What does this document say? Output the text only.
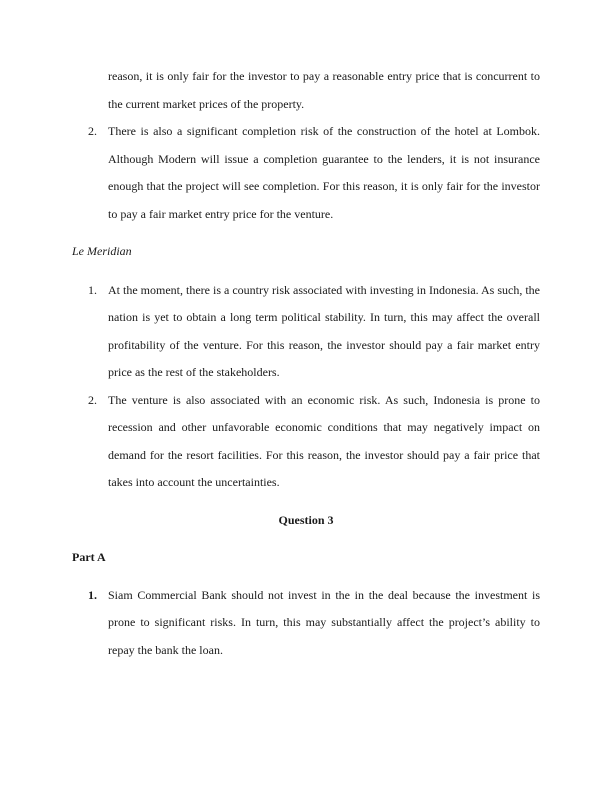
reason, it is only fair for the investor to pay a reasonable entry price that is concurrent to the current market prices of the property.

2. There is also a significant completion risk of the construction of the hotel at Lombok. Although Modern will issue a completion guarantee to the lenders, it is not insurance enough that the project will see completion. For this reason, it is only fair for the investor to pay a fair market entry price for the venture.

Le Meridian

1. At the moment, there is a country risk associated with investing in Indonesia. As such, the nation is yet to obtain a long term political stability. In turn, this may affect the overall profitability of the venture. For this reason, the investor should pay a fair market entry price as the rest of the stakeholders.
2. The venture is also associated with an economic risk. As such, Indonesia is prone to recession and other unfavorable economic conditions that may negatively impact on demand for the resort facilities. For this reason, the investor should pay a fair price that takes into account the uncertainties.

Question 3

Part A

1. Siam Commercial Bank should not invest in the in the deal because the investment is prone to significant risks. In turn, this may substantially affect the project’s ability to repay the bank the loan.
